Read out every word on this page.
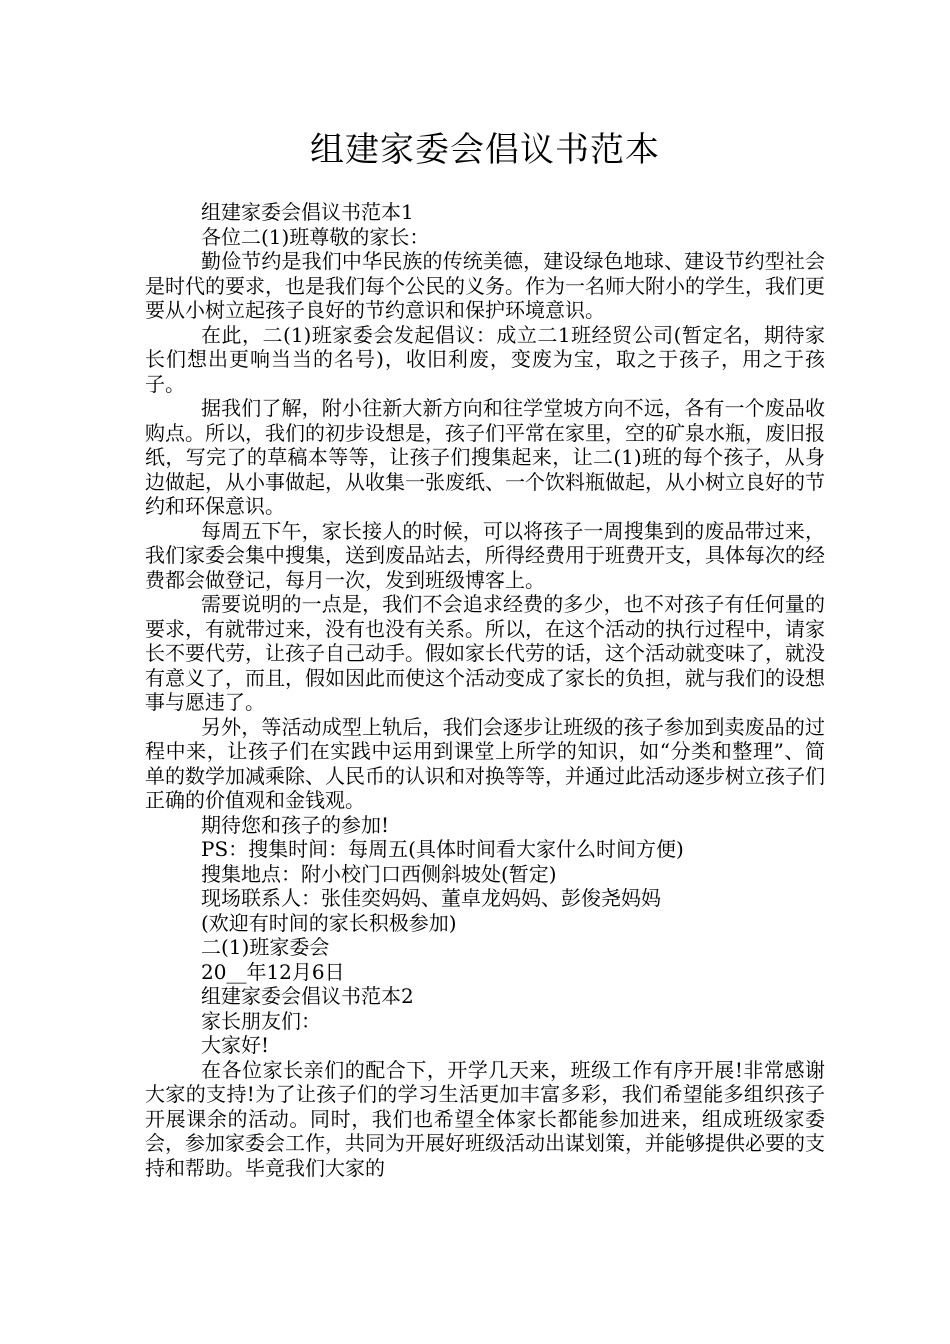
组建家委会倡议书范本

组建家委会倡议书范本1

各位二(1)班尊敬的家长：

勤俭节约是我们中华民族的传统美德，建设绿色地球、建设节约型社会是时代的要求，也是我们每个公民的义务。作为一名师大附小的学生，我们更要从小树立起孩子良好的节约意识和保护环境意识。

在此，二(1)班家委会发起倡议：成立二1班经贸公司(暂定名，期待家长们想出更响当当的名号)，收旧利废，变废为宝，取之于孩子，用之于孩子。

据我们了解，附小往新大新方向和往学堂坡方向不远，各有一个废品收购点。所以，我们的初步设想是，孩子们平常在家里，空的矿泉水瓶，废旧报纸，写完了的草稿本等等，让孩子们搜集起来，让二(1)班的每个孩子，从身边做起，从小事做起，从收集一张废纸、一个饮料瓶做起，从小树立良好的节约和环保意识。

每周五下午，家长接人的时候，可以将孩子一周搜集到的废品带过来，我们家委会集中搜集，送到废品站去，所得经费用于班费开支，具体每次的经费都会做登记，每月一次，发到班级博客上。

需要说明的一点是，我们不会追求经费的多少，也不对孩子有任何量的要求，有就带过来，没有也没有关系。所以，在这个活动的执行过程中，请家长不要代劳，让孩子自己动手。假如家长代劳的话，这个活动就变味了，就没有意义了，而且，假如因此而使这个活动变成了家长的负担，就与我们的设想事与愿违了。

另外，等活动成型上轨后，我们会逐步让班级的孩子参加到卖废品的过程中来，让孩子们在实践中运用到课堂上所学的知识，如“分类和整理”、简单的数学加减乘除、人民币的认识和对换等等，并通过此活动逐步树立孩子们正确的价值观和金钱观。

期待您和孩子的参加!

PS：搜集时间：每周五(具体时间看大家什么时间方便)

搜集地点：附小校门口西侧斜坡处(暂定)

现场联系人：张佳奕妈妈、董卓龙妈妈、彭俊尧妈妈

(欢迎有时间的家长积极参加)

二(1)班家委会

20__年12月6日

组建家委会倡议书范本2

家长朋友们：

大家好!

在各位家长亲们的配合下，开学几天来，班级工作有序开展!非常感谢大家的支持!为了让孩子们的学习生活更加丰富多彩，我们希望能多组织孩子开展课余的活动。同时，我们也希望全体家长都能参加进来，组成班级家委会，参加家委会工作，共同为开展好班级活动出谋划策，并能够提供必要的支持和帮助。毕竟我们大家的
